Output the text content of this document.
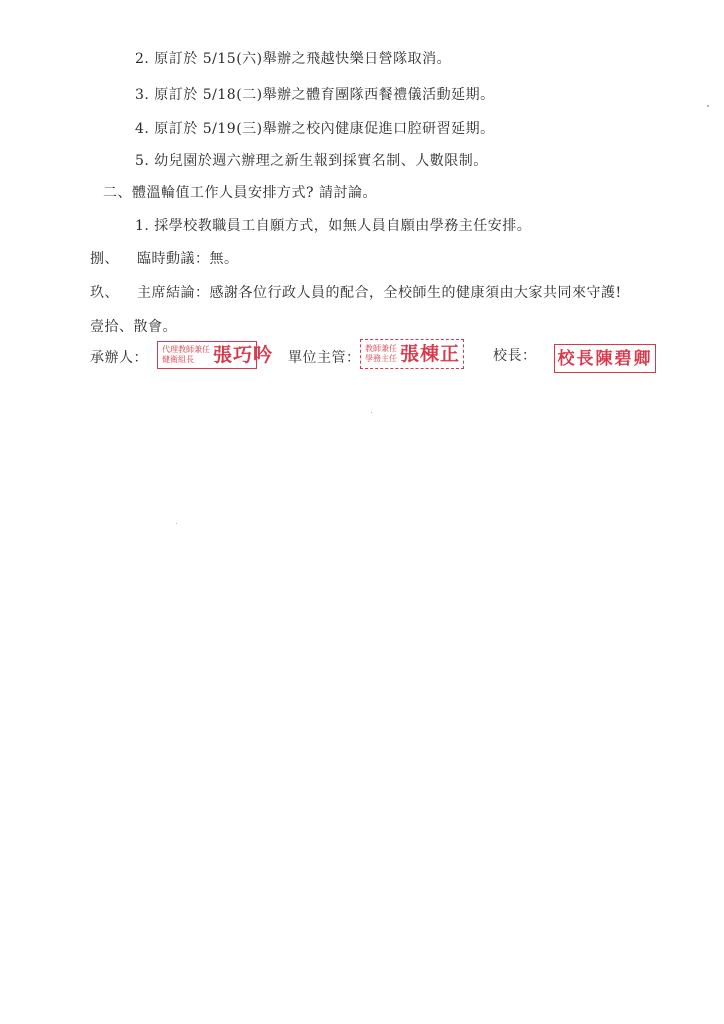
2. 原訂於 5/15(六)舉辦之飛越快樂日營隊取消。
3. 原訂於 5/18(二)舉辦之體育團隊西餐禮儀活動延期。
4. 原訂於 5/19(三)舉辦之校內健康促進口腔研習延期。
5. 幼兒園於週六辦理之新生報到採實名制、人數限制。
二、體溫輪值工作人員安排方式? 請討論。
1. 採學校教職員工自願方式，如無人員自願由學務主任安排。
捌、 臨時動議：無。
玖、 主席結論：感謝各位行政人員的配合，全校師生的健康須由大家共同來守護!
壹拾、散會。
承辦人：
代理教師兼任
健衛組長	張巧吟 單位主管：
教師兼任
學務主任 張棟正 校長： 校長陳碧卿
